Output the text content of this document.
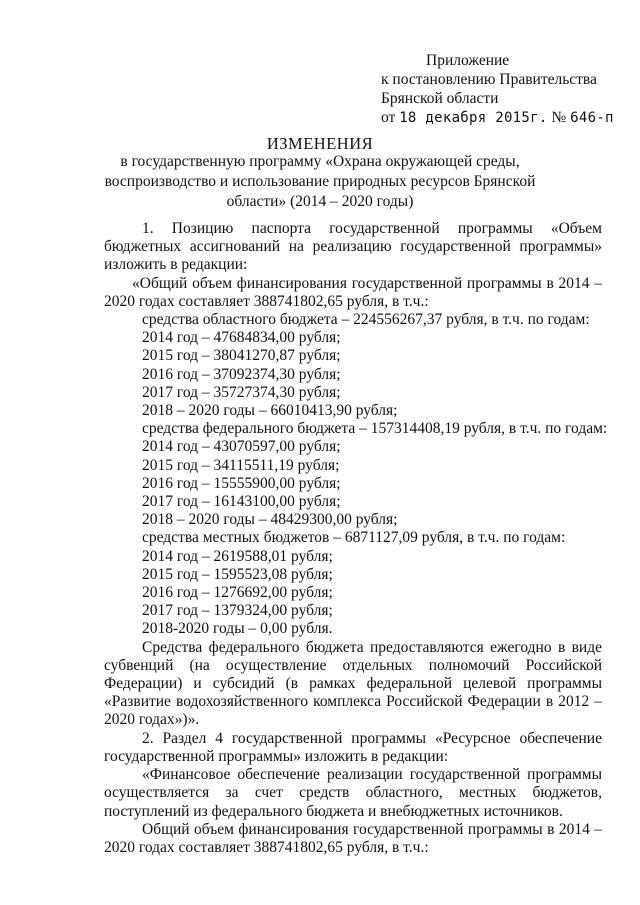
Приложение
к постановлению Правительства
Брянской области
от 18 декабря 2015г. № 646-п
ИЗМЕНЕНИЯ
в государственную программу «Охрана окружающей среды, воспроизводство и использование природных ресурсов Брянской области» (2014 – 2020 годы)
1. Позицию паспорта государственной программы «Объем бюджетных ассигнований на реализацию государственной программы» изложить в редакции:
«Общий объем финансирования государственной программы в 2014 – 2020 годах составляет 388741802,65 рубля, в т.ч.:
средства областного бюджета – 224556267,37 рубля, в т.ч. по годам:
2014 год – 47684834,00 рубля;
2015 год – 38041270,87 рубля;
2016 год – 37092374,30 рубля;
2017 год – 35727374,30 рубля;
2018 – 2020 годы – 66010413,90 рубля;
средства федерального бюджета – 157314408,19 рубля, в т.ч. по годам:
2014 год – 43070597,00 рубля;
2015 год – 34115511,19 рубля;
2016 год – 15555900,00 рубля;
2017 год – 16143100,00 рубля;
2018 – 2020 годы – 48429300,00 рубля;
средства местных бюджетов – 6871127,09 рубля, в т.ч. по годам:
2014 год – 2619588,01 рубля;
2015 год – 1595523,08 рубля;
2016 год – 1276692,00 рубля;
2017 год – 1379324,00 рубля;
2018-2020 годы – 0,00 рубля.
Средства федерального бюджета предоставляются ежегодно в виде субвенций (на осуществление отдельных полномочий Российской Федерации) и субсидий (в рамках федеральной целевой программы «Развитие водохозяйственного комплекса Российской Федерации в 2012 – 2020 годах»)».
2. Раздел 4 государственной программы «Ресурсное обеспечение государственной программы» изложить в редакции:
«Финансовое обеспечение реализации государственной программы осуществляется за счет средств областного, местных бюджетов, поступлений из федерального бюджета и внебюджетных источников.
Общий объем финансирования государственной программы в 2014 – 2020 годах составляет 388741802,65 рубля, в т.ч.:
